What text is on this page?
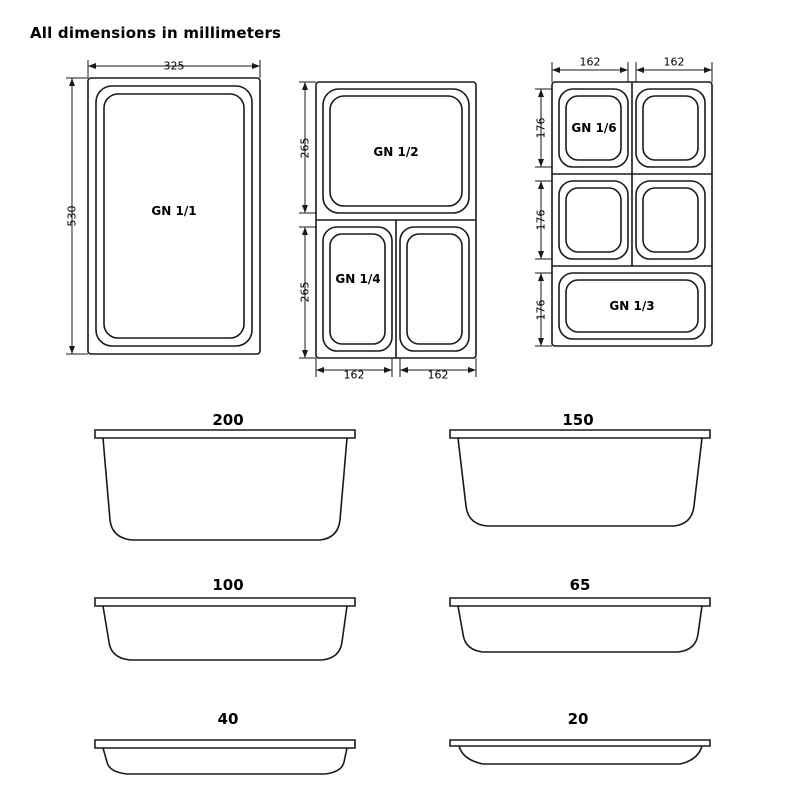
All dimensions in millimeters
325
530	GN 1/1
GN 1/2
GN 1/4
265
265
162	162
GN 1/6
GN 1/3
162	162
176
176
176
200	150
100	65
40	20
